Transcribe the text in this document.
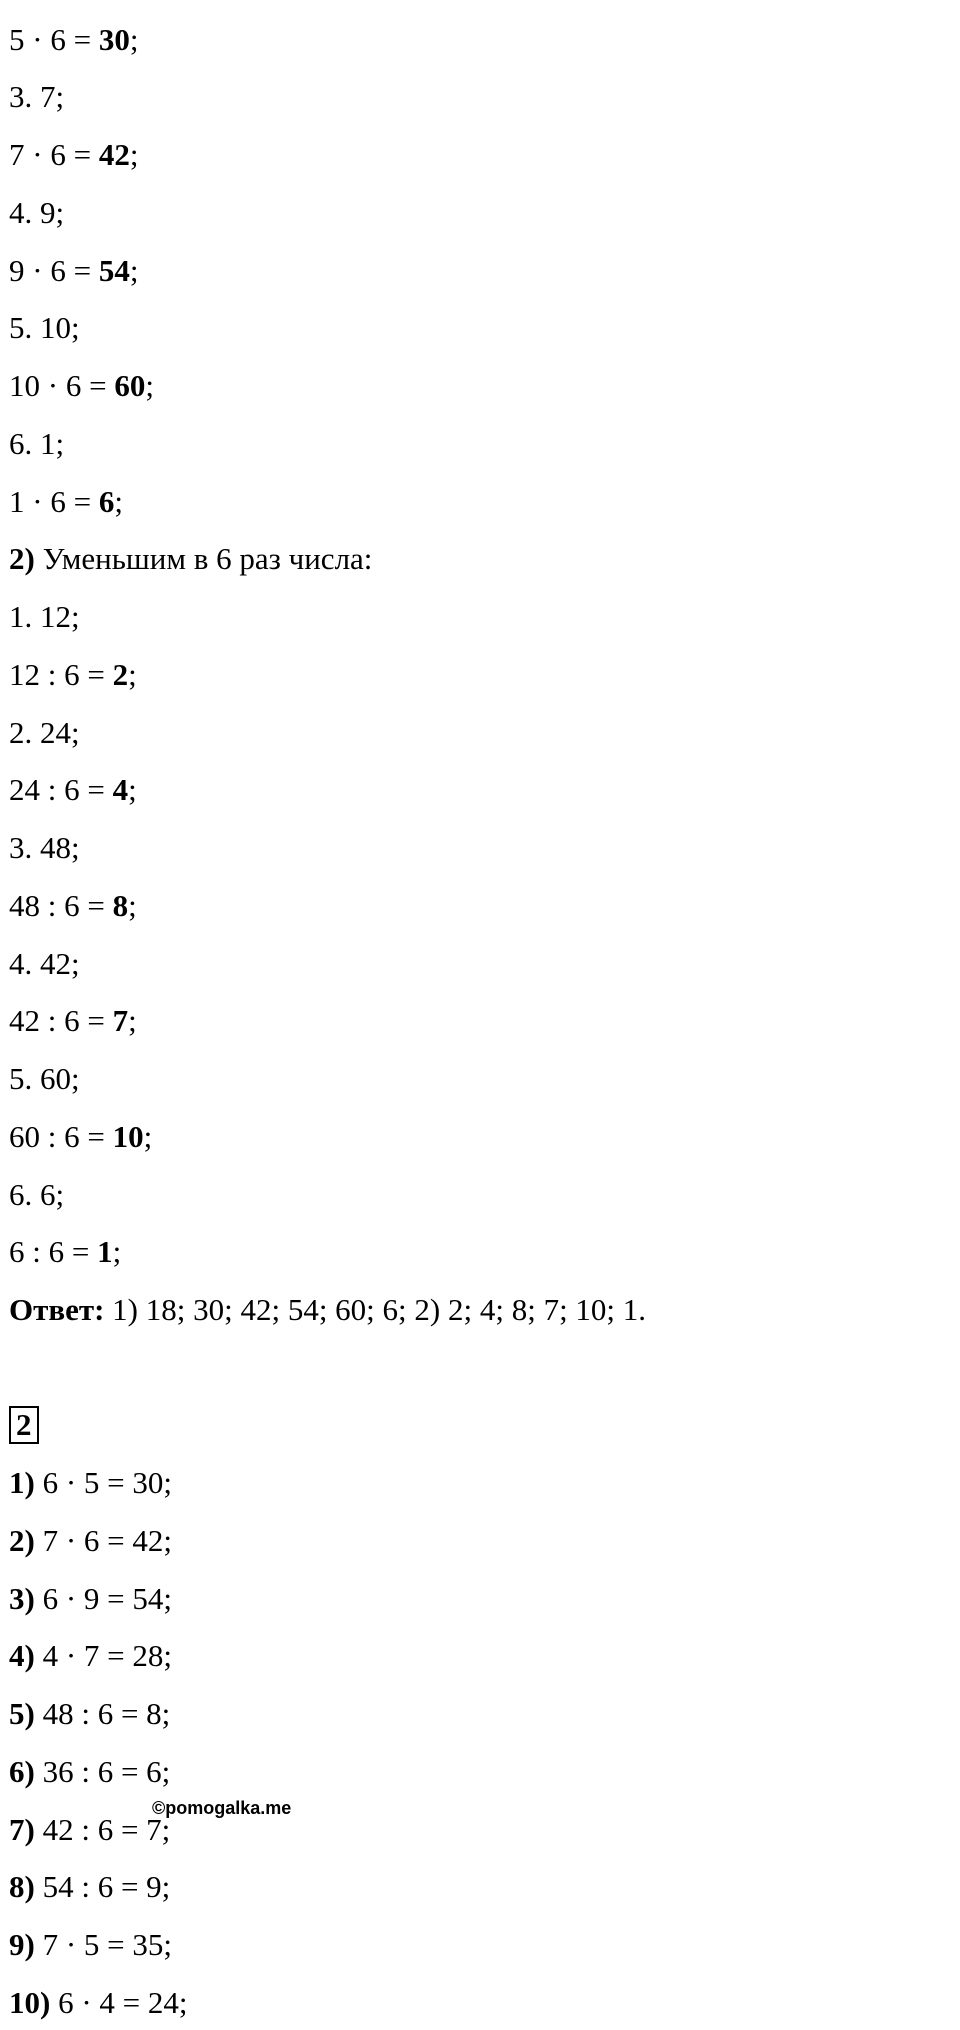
5 · 6 = 30;
3. 7;
7 · 6 = 42;
4. 9;
9 · 6 = 54;
5. 10;
10 · 6 = 60;
6. 1;
1 · 6 = 6;
2) Уменьшим в 6 раз числа:
1. 12;
12 : 6 = 2;
2. 24;
24 : 6 = 4;
3. 48;
48 : 6 = 8;
4. 42;
42 : 6 = 7;
5. 60;
60 : 6 = 10;
6. 6;
6 : 6 = 1;
Ответ: 1) 18; 30; 42; 54; 60; 6; 2) 2; 4; 8; 7; 10; 1.
2
1) 6 · 5 = 30;
2) 7 · 6 = 42;
3) 6 · 9 = 54;
4) 4 · 7 = 28;
5) 48 : 6 = 8;
6) 36 : 6 = 6;
7) 42 : 6 = 7;
8) 54 : 6 = 9;
9) 7 · 5 = 35;
10) 6 · 4 = 24;
©pomogalka.me
